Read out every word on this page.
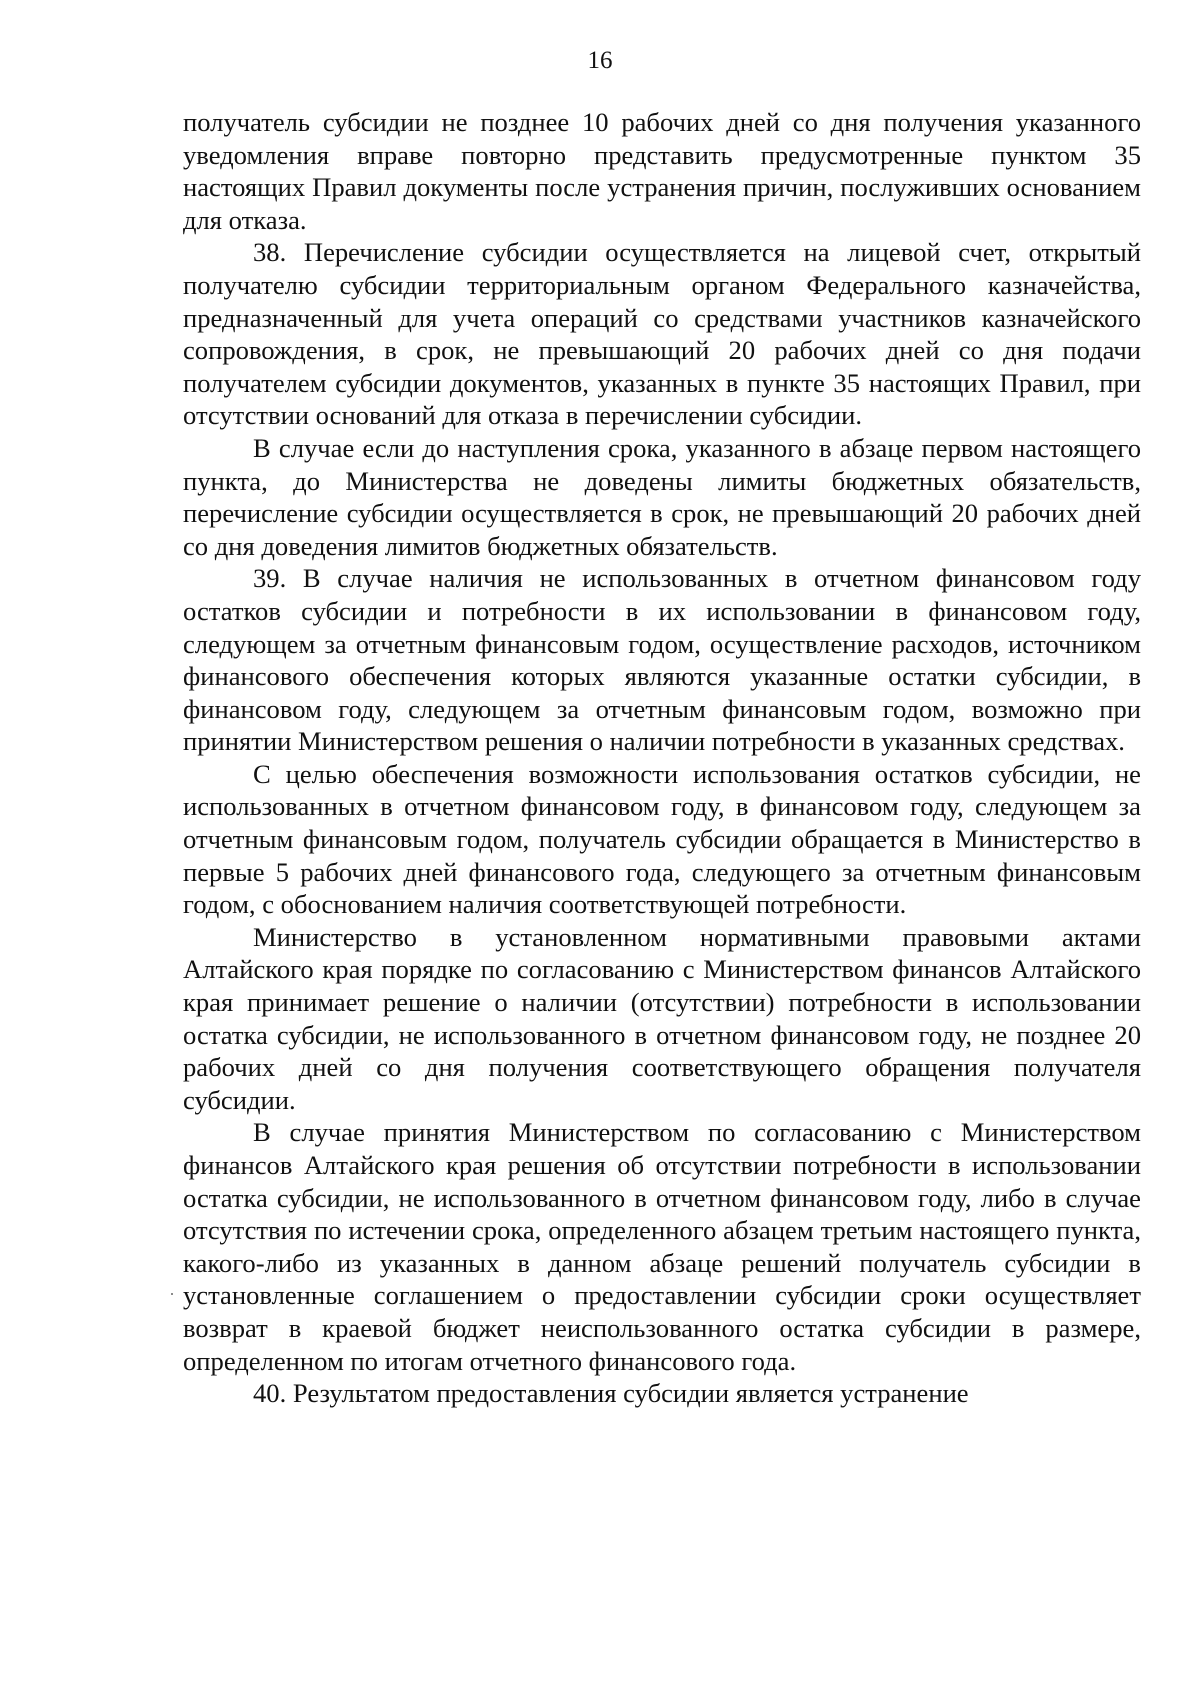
16

получатель субсидии не позднее 10 рабочих дней со дня получения указанного уведомления вправе повторно представить предусмотренные пунктом 35 настоящих Правил документы после устранения причин, послуживших основанием для отказа.

38. Перечисление субсидии осуществляется на лицевой счет, открытый получателю субсидии территориальным органом Федерального казначейства, предназначенный для учета операций со средствами участников казначейского сопровождения, в срок, не превышающий 20 рабочих дней со дня подачи получателем субсидии документов, указанных в пункте 35 настоящих Правил, при отсутствии оснований для отказа в перечислении субсидии.

В случае если до наступления срока, указанного в абзаце первом настоящего пункта, до Министерства не доведены лимиты бюджетных обязательств, перечисление субсидии осуществляется в срок, не превышающий 20 рабочих дней со дня доведения лимитов бюджетных обязательств.

39. В случае наличия не использованных в отчетном финансовом году остатков субсидии и потребности в их использовании в финансовом году, следующем за отчетным финансовым годом, осуществление расходов, источником финансового обеспечения которых являются указанные остатки субсидии, в финансовом году, следующем за отчетным финансовым годом, возможно при принятии Министерством решения о наличии потребности в указанных средствах.

С целью обеспечения возможности использования остатков субсидии, не использованных в отчетном финансовом году, в финансовом году, следующем за отчетным финансовым годом, получатель субсидии обращается в Министерство в первые 5 рабочих дней финансового года, следующего за отчетным финансовым годом, с обоснованием наличия соответствующей потребности.

Министерство в установленном нормативными правовыми актами Алтайского края порядке по согласованию с Министерством финансов Алтайского края принимает решение о наличии (отсутствии) потребности в использовании остатка субсидии, не использованного в отчетном финансовом году, не позднее 20 рабочих дней со дня получения соответствующего обращения получателя субсидии.

В случае принятия Министерством по согласованию с Министерством финансов Алтайского края решения об отсутствии потребности в использовании остатка субсидии, не использованного в отчетном финансовом году, либо в случае отсутствия по истечении срока, определенного абзацем третьим настоящего пункта, какого-либо из указанных в данном абзаце решений получатель субсидии в установленные соглашением о предоставлении субсидии сроки осуществляет возврат в краевой бюджет неиспользованного остатка субсидии в размере, определенном по итогам отчетного финансового года.

40. Результатом предоставления субсидии является устранение
